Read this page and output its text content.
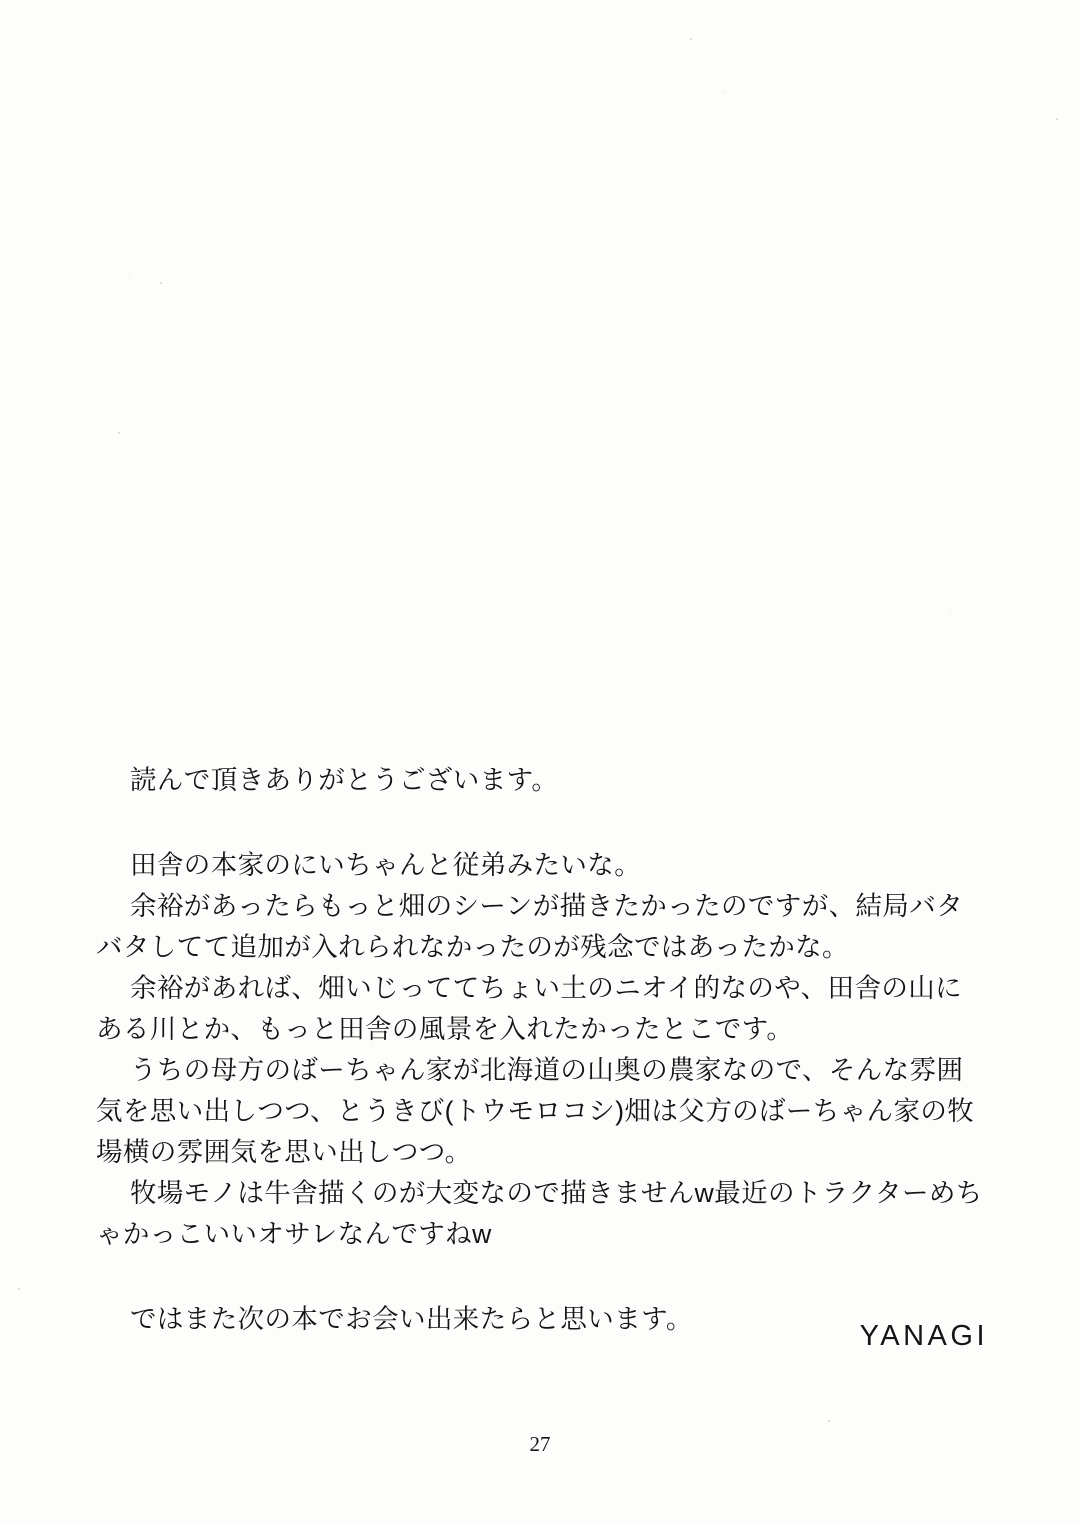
読んで頂きありがとうございます。

田舎の本家のにいちゃんと従弟みたいな。

余裕があったらもっと畑のシーンが描きたかったのですが、結局バタバタしてて追加が入れられなかったのが残念ではあったかな。

余裕があれば、畑いじっててちょい土のニオイ的なのや、田舎の山にある川とか、もっと田舎の風景を入れたかったとこです。

うちの母方のばーちゃん家が北海道の山奥の農家なので、そんな雰囲気を思い出しつつ、とうきび(トウモロコシ)畑は父方のばーちゃん家の牧場横の雰囲気を思い出しつつ。

牧場モノは牛舎描くのが大変なので描きませんw最近のトラクターめちゃかっこいいオサレなんですねw

ではまた次の本でお会い出来たらと思います。

YANAGI
27
